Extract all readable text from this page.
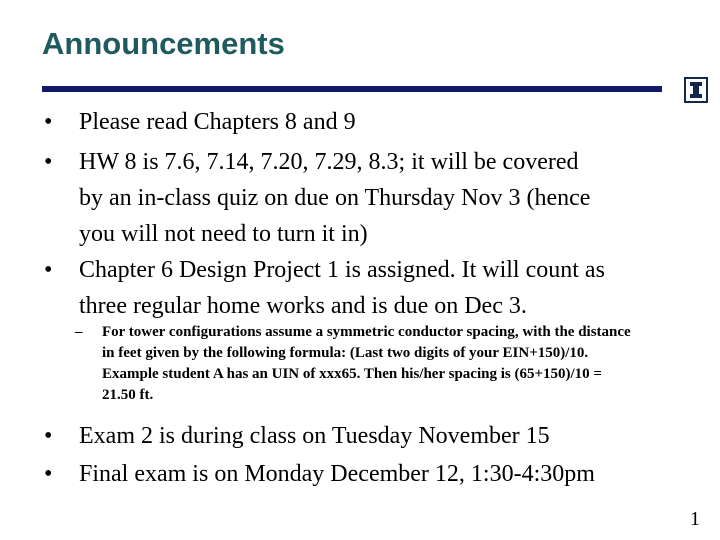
Announcements
•	Please read Chapters 8 and 9
•	HW 8 is 7.6, 7.14, 7.20, 7.29, 8.3; it will be covered
by an in-class quiz on due on Thursday Nov 3 (hence
you will not need to turn it in)
•	Chapter 6 Design Project 1 is assigned. It will count as
three regular home works and is due on Dec 3.
– For tower configurations assume a symmetric conductor spacing, with the distance
in feet given by the following formula: (Last two digits of your EIN+150)/10.
Example student A has an UIN of xxx65. Then his/her spacing is (65+150)/10 =
21.50 ft.
•	Exam 2 is during class on Tuesday November 15
•	Final exam is on Monday December 12, 1:30-4:30pm
1
